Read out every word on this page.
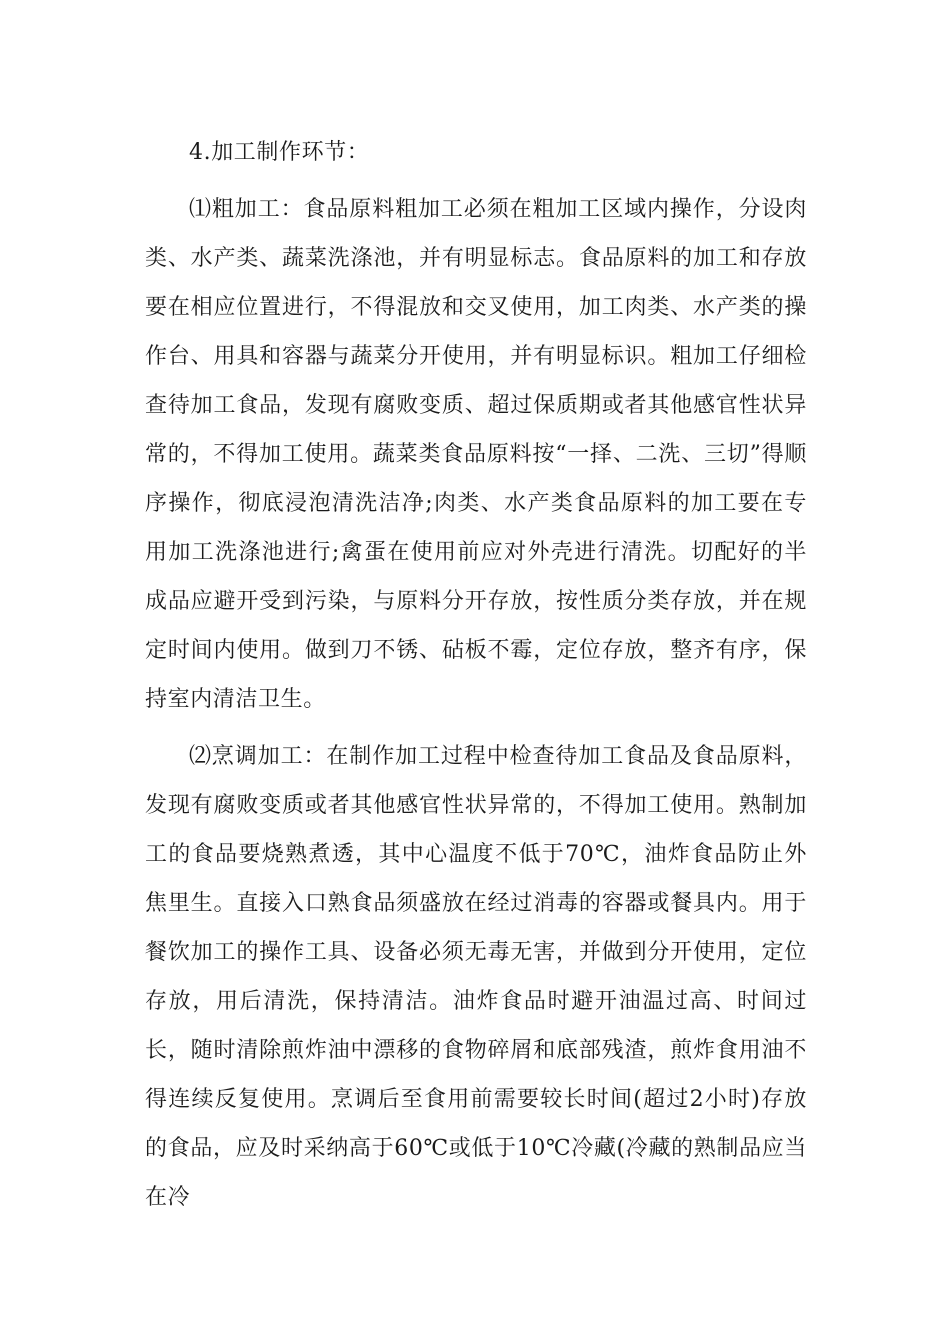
4.加工制作环节：

⑴粗加工：食品原料粗加工必须在粗加工区域内操作，分设肉类、水产类、蔬菜洗涤池，并有明显标志。食品原料的加工和存放要在相应位置进行，不得混放和交叉使用，加工肉类、水产类的操作台、用具和容器与蔬菜分开使用，并有明显标识。粗加工仔细检查待加工食品，发现有腐败变质、超过保质期或者其他感官性状异常的，不得加工使用。蔬菜类食品原料按“一择、二洗、三切”得顺序操作，彻底浸泡清洗洁净;肉类、水产类食品原料的加工要在专用加工洗涤池进行;禽蛋在使用前应对外壳进行清洗。切配好的半成品应避开受到污染，与原料分开存放，按性质分类存放，并在规定时间内使用。做到刀不锈、砧板不霉，定位存放，整齐有序，保持室内清洁卫生。

⑵烹调加工：在制作加工过程中检查待加工食品及食品原料，发现有腐败变质或者其他感官性状异常的，不得加工使用。熟制加工的食品要烧熟煮透，其中心温度不低于70℃，油炸食品防止外焦里生。直接入口熟食品须盛放在经过消毒的容器或餐具内。用于餐饮加工的操作工具、设备必须无毒无害，并做到分开使用，定位存放，用后清洗，保持清洁。油炸食品时避开油温过高、时间过长，随时清除煎炸油中漂移的食物碎屑和底部残渣，煎炸食用油不得连续反复使用。烹调后至食用前需要较长时间(超过2小时)存放的食品，应及时采纳高于60℃或低于10℃冷藏(冷藏的熟制品应当在冷
